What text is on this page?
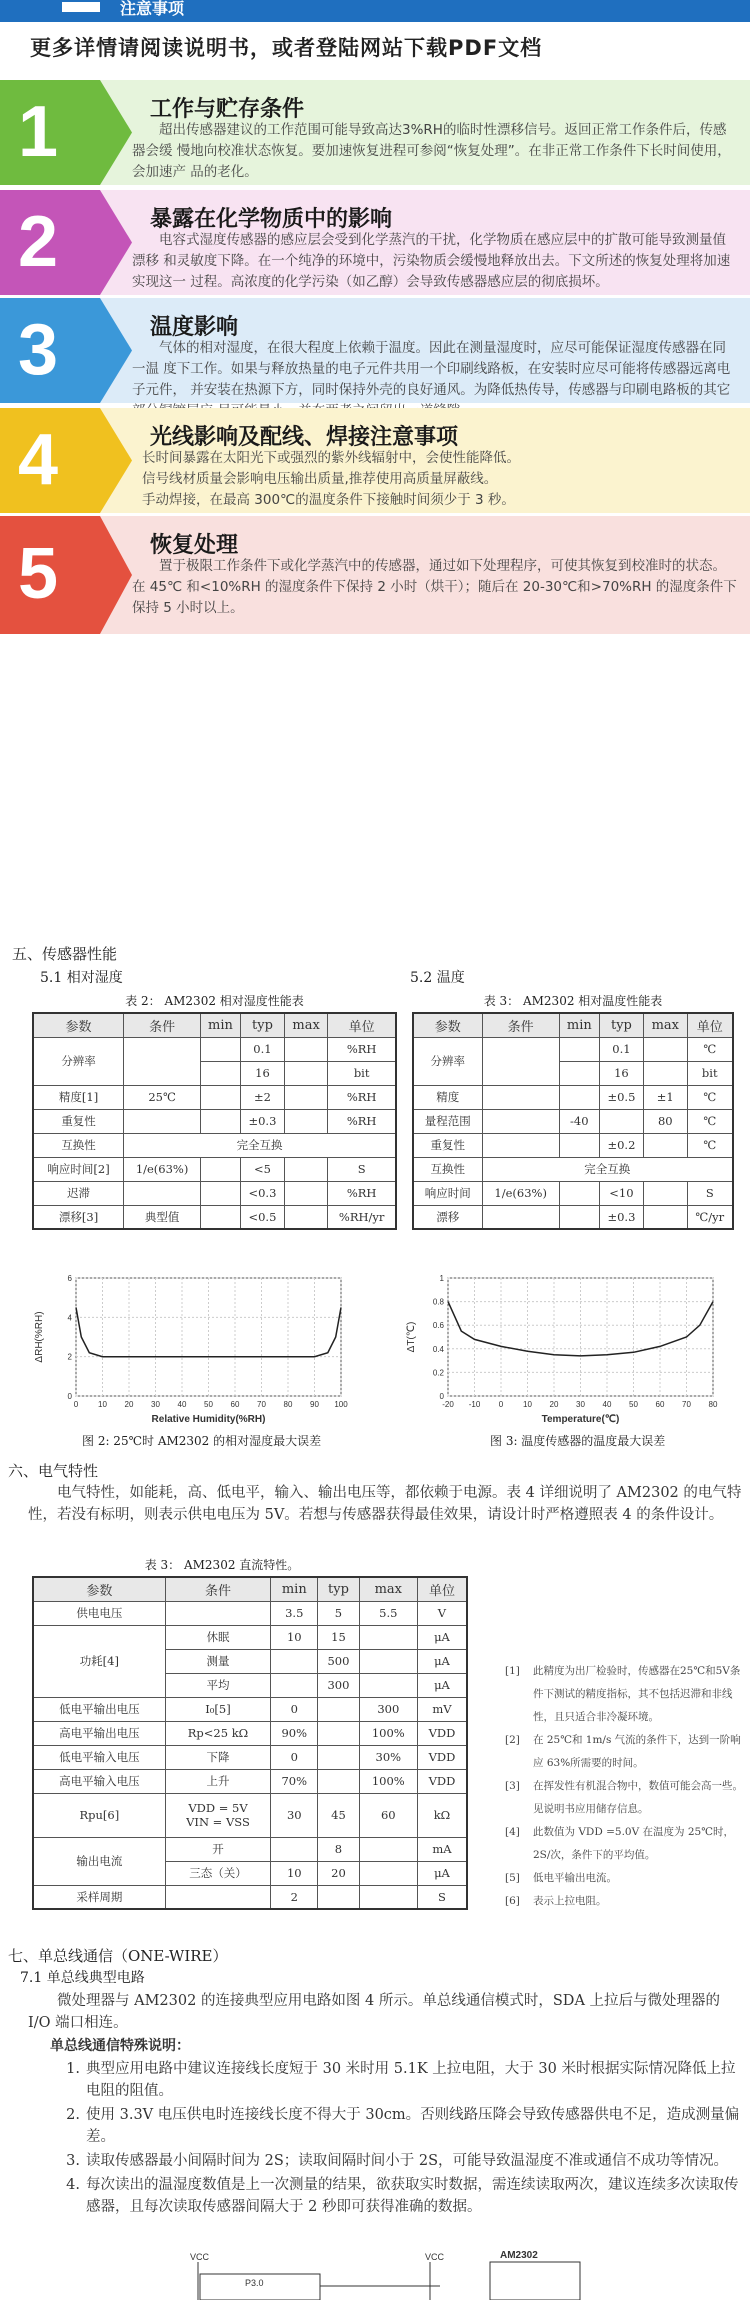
注意事项
更多详情请阅读说明书，或者登陆网站下载PDF文档
1	工作与贮存条件
超出传感器建议的工作范围可能导致高达3%RH的临时性漂移信号。返回正常工作条件后，传感器会缓 慢地向校准状态恢复。要加速恢复进程可参阅“恢复处理”。在非正常工作条件下长时间使用，会加速产 品的老化。
2	暴露在化学物质中的影响
电容式湿度传感器的感应层会受到化学蒸汽的干扰，化学物质在感应层中的扩散可能导致测量值漂移 和灵敏度下降。在一个纯净的环境中，污染物质会缓慢地释放出去。下文所述的恢复处理将加速实现这一 过程。高浓度的化学污染（如乙醇）会导致传感器感应层的彻底损坏。
3	温度影响
气体的相对湿度，在很大程度上依赖于温度。因此在测量湿度时，应尽可能保证湿度传感器在同一温 度下工作。如果与释放热量的电子元件共用一个印刷线路板，在安装时应尽可能将传感器远离电子元件， 并安装在热源下方，同时保持外壳的良好通风。为降低热传导，传感器与印刷电路板的其它
4	光线影响及配线、焊接注意事项
长时间暴露在太阳光下或强烈的紫外线辐射中，会使性能降低。
信号线材质量会影响电压输出质量,推荐使用高质量屏蔽线。
手动焊接，在最高 300℃的温度条件下接触时间须少于 3 秒。
5	恢复处理
置于极限工作条件下或化学蒸汽中的传感器，通过如下处理程序，可使其恢复到校准时的状态。在 45℃ 和<10%RH 的湿度条件下保持 2 小时（烘干）；随后在 20-30℃和>70%RH 的湿度条件下保持 5 小时以上。
五、传感器性能
5.1 相对湿度	5.2 温度
表 2： AM2302 相对湿度性能表
参数	条件	min	typ	max	单位
分辨率			0.1		%RH
			16		bit
精度[1]	25℃		±2		%RH
重复性			±0.3		%RH
互换性	完全互换				
响应时间[2]	1/e(63%)		<5		S
迟滞			<0.3		%RH
漂移[3]	典型值		<0.5		%RH/yr
表 3： AM2302 相对温度性能表
参数	条件	min	typ	max	单位
分辨率			0.1		℃
			16		bit
精度			±0.5	±1	℃
量程范围		-40		80	℃
重复性			±0.2		℃
互换性	完全互换				
响应时间	1/e(63%)		<10		S
漂移			±0.3		℃/yr
0 10 20 30 40 50 60 70 80 90 100
0
2
4
6
Relative Humidity(%RH)
ΔRH(%RH)
-20 -10 0 10 20 30 40 50 60 70 80
0
0.2
0.4
0.6
0.8
1
Temperature(℃)
ΔT(℃)
图 2: 25℃时 AM2302 的相对湿度最大误差	图 3: 温度传感器的温度最大误差
六、电气特性
电气特性，如能耗，高、低电平，输入、输出电压等，都依赖于电源。表 4 详细说明了 AM2302 的电气特性，若没有标明，则表示供电电压为 5V。若想与传感器获得最佳效果，请设计时严格遵照表 4 的条件设计。
表 3： AM2302 直流特性。
参数	条件	min	typ	max	单位
供电电压		3.5	5	5.5	V
功耗[4]	休眠	10	15		μA
	测量		500		μA
	平均		300		μA
低电平输出电压	I₀[5]	0		300	mV
高电平输出电压	Rp<25 kΩ	90%		100%	VDD
低电平输入电压	下降	0		30%	VDD
高电平输入电压	上升	70%		100%	VDD
Rpu[6]	VDD = 5V
VIN = VSS	30	45	60	kΩ
输出电流	开		8		mA
	三态（关）	10	20		μA
采样周期		2			S
[1]	此精度为出厂检验时，传感器在25℃和5V条件下测试的精度指标，其不包括迟滞和非线性，且只适合非冷凝环境。
[2]	在 25℃和 1m/s 气流的条件下，达到一阶响应 63%所需要的时间。
[3]	在挥发性有机混合物中，数值可能会高一些。见说明书应用储存信息。
[4]	此数值为 VDD =5.0V 在温度为 25℃时，2S/次，条件下的平均值。
[5]	低电平输出电流。
[6]	表示上拉电阻。
七、单总线通信（ONE-WIRE）
7.1 单总线典型电路
微处理器与 AM2302 的连接典型应用电路如图 4 所示。单总线通信模式时，SDA 上拉后与微处理器的 I/O 端口相连。
单总线通信特殊说明：
1. 典型应用电路中建议连接线长度短于 30 米时用 5.1K 上拉电阻，大于 30 米时根据实际情况降低上拉电阻的阻值。
2. 使用 3.3V 电压供电时连接线长度不得大于 30cm。否则线路压降会导致传感器供电不足，造成测量偏差。
3. 读取传感器最小间隔时间为 2S；读取间隔时间小于 2S，可能导致温湿度不准或通信不成功等情况。
4. 每次读出的温湿度数值是上一次测量的结果，欲获取实时数据，需连续读取两次，建议连续多次读取传感器，且每次读取传感器间隔大于 2 秒即可获得准确的数据。
VCC
P3.0
VCC	AM2302
